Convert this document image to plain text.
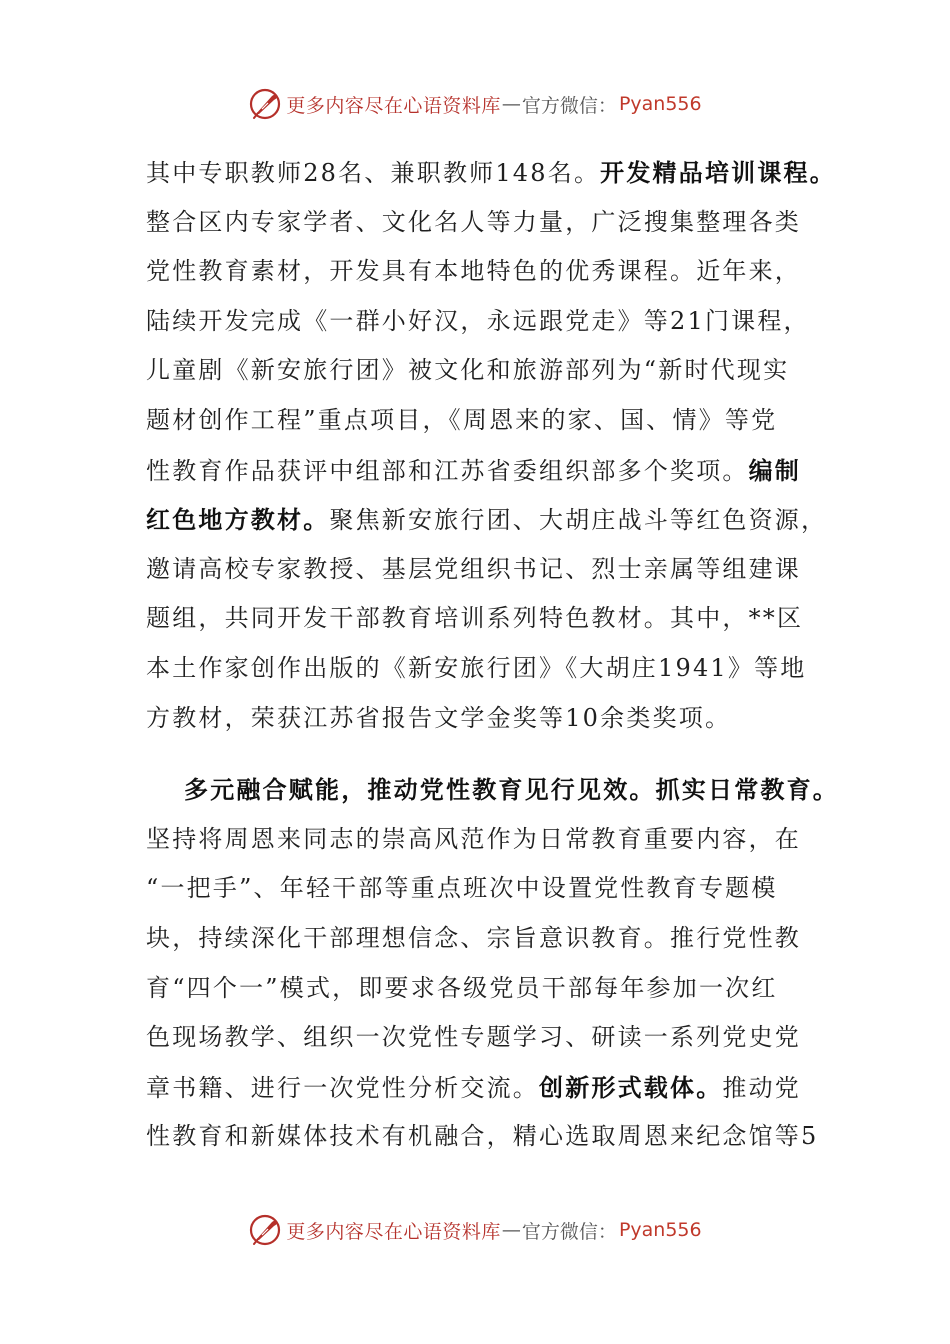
更多内容尽在心语资料库 — 官方微信： Pyan556
其中专职教师28名、兼职教师148名。开发精品培训课程。
整合区内专家学者、文化名人等力量，广泛搜集整理各类
党性教育素材，开发具有本地特色的优秀课程。近年来，
陆续开发完成《一群小好汉，永远跟党走》等21门课程，
儿童剧《新安旅行团》被文化和旅游部列为“新时代现实
题材创作工程”重点项目，《周恩来的家、国、情》等党
性教育作品获评中组部和江苏省委组织部多个奖项。编制
红色地方教材。聚焦新安旅行团、大胡庄战斗等红色资源，
邀请高校专家教授、基层党组织书记、烈士亲属等组建课
题组，共同开发干部教育培训系列特色教材。其中，**区
本土作家创作出版的《新安旅行团》《大胡庄1941》等地
方教材，荣获江苏省报告文学金奖等10余类奖项。
多元融合赋能，推动党性教育见行见效。抓实日常教育。
坚持将周恩来同志的崇高风范作为日常教育重要内容，在
“一把手”、年轻干部等重点班次中设置党性教育专题模
块，持续深化干部理想信念、宗旨意识教育。推行党性教
育“四个一”模式，即要求各级党员干部每年参加一次红
色现场教学、组织一次党性专题学习、研读一系列党史党
章书籍、进行一次党性分析交流。创新形式载体。推动党
性教育和新媒体技术有机融合，精心选取周恩来纪念馆等5
更多内容尽在心语资料库 — 官方微信： Pyan556
